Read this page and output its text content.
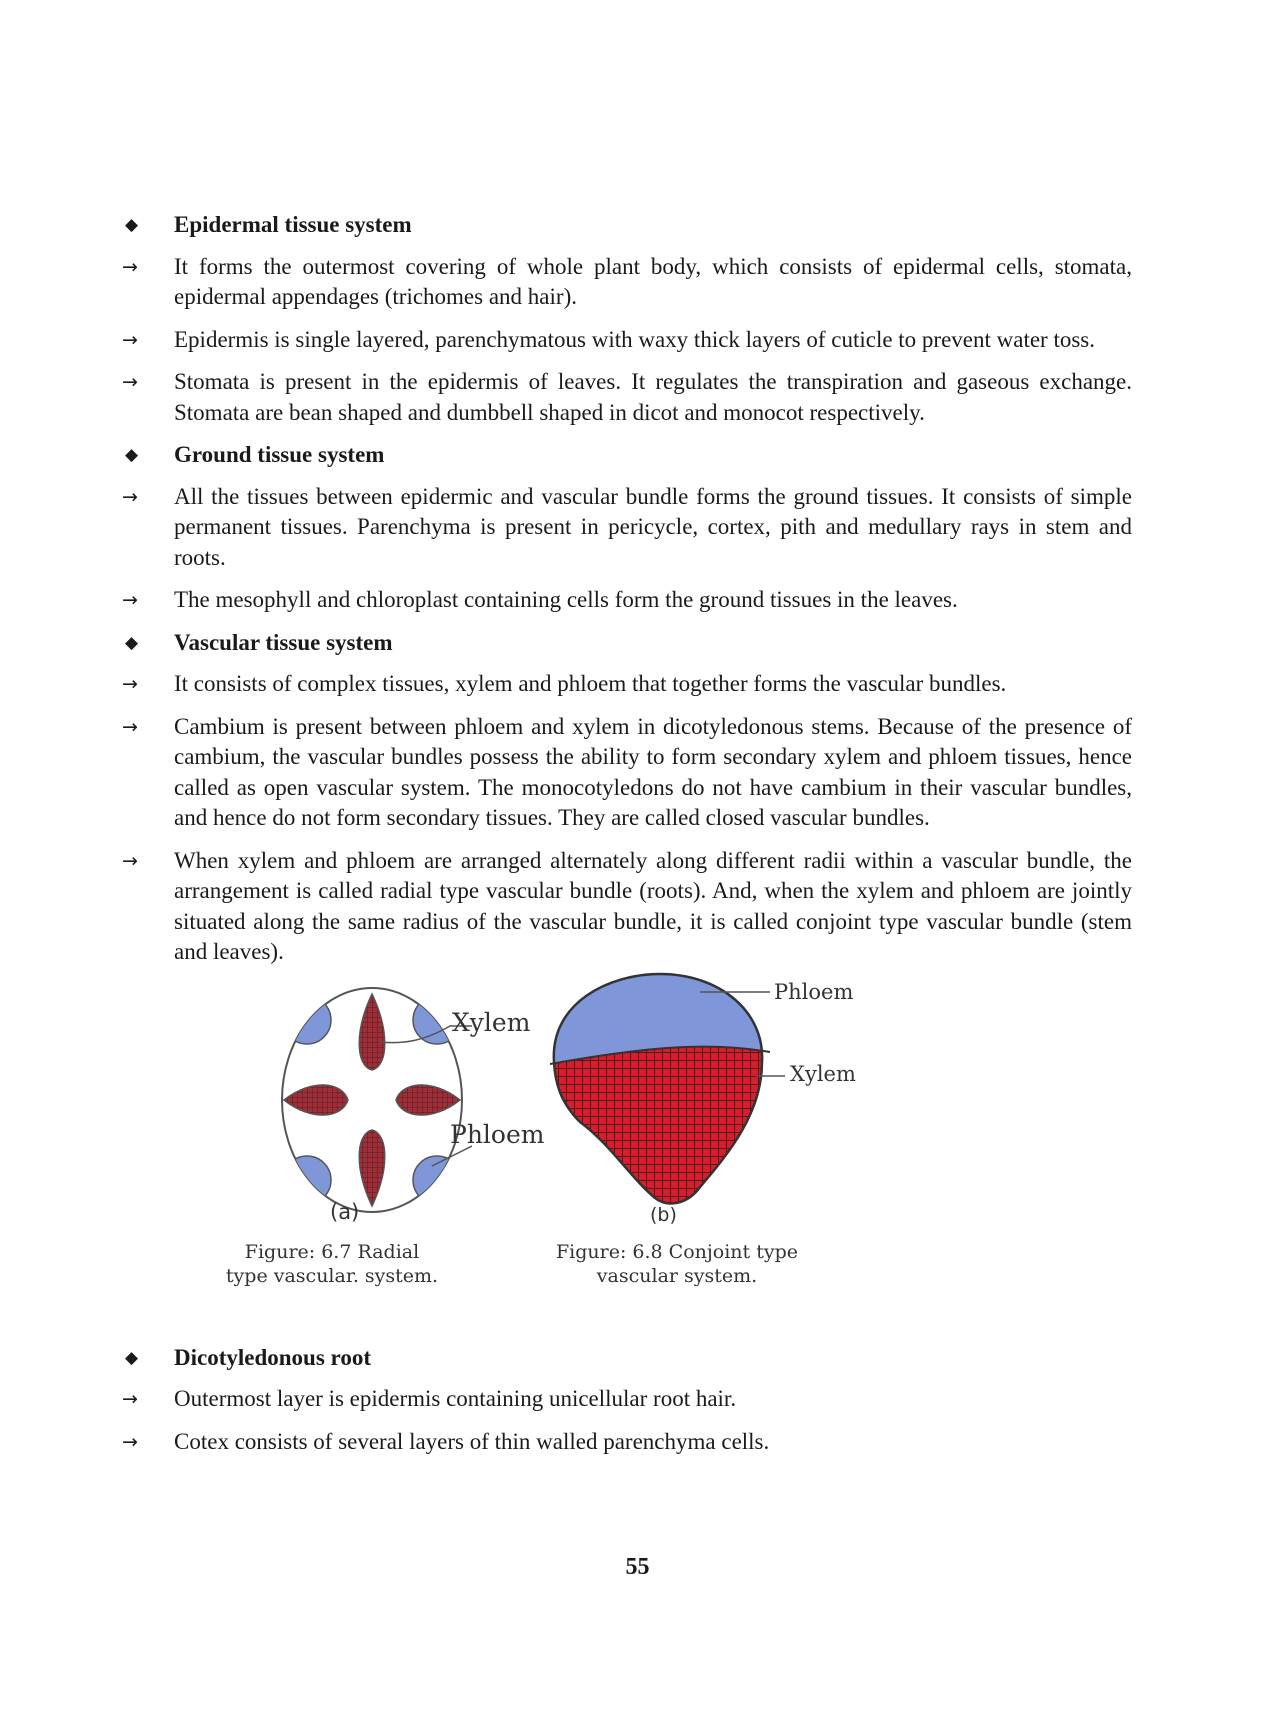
◆	Epidermal tissue system
→	It forms the outermost covering of whole plant body, which consists of epidermal cells, stomata, epidermal appendages (trichomes and hair).
→	Epidermis is single layered, parenchymatous with waxy thick layers of cuticle to prevent water toss.
→	Stomata is present in the epidermis of leaves. It regulates the transpiration and gaseous exchange. Stomata are bean shaped and dumbbell shaped in dicot and monocot respectively.
◆	Ground tissue system
→	All the tissues between epidermic and vascular bundle forms the ground tissues. It consists of simple permanent tissues. Parenchyma is present in pericycle, cortex, pith and medullary rays in stem and roots.
→	The mesophyll and chloroplast containing cells form the ground tissues in the leaves.
◆	Vascular tissue system
→	It consists of complex tissues, xylem and phloem that together forms the vascular bundles.
→	Cambium is present between phloem and xylem in dicotyledonous stems. Because of the presence of cambium, the vascular bundles possess the ability to form secondary xylem and phloem tissues, hence called as open vascular system. The monocotyledons do not have cambium in their vascular bundles, and hence do not form secondary tissues. They are called closed vascular bundles.
→	When xylem and phloem are arranged alternately along different radii within a vascular bundle, the arrangement is called radial type vascular bundle (roots). And, when the xylem and phloem are jointly situated along the same radius of the vascular bundle, it is called conjoint type vascular bundle (stem and leaves).
Xylem
Phloem
(a)
Figure: 6.7 Radial
type vascular. system.
Phloem
Xylem
(b)
Figure: 6.8 Conjoint type
vascular system.
◆	Dicotyledonous root
→	Outermost layer is epidermis containing unicellular root hair.
→	Cotex consists of several layers of thin walled parenchyma cells.
55
